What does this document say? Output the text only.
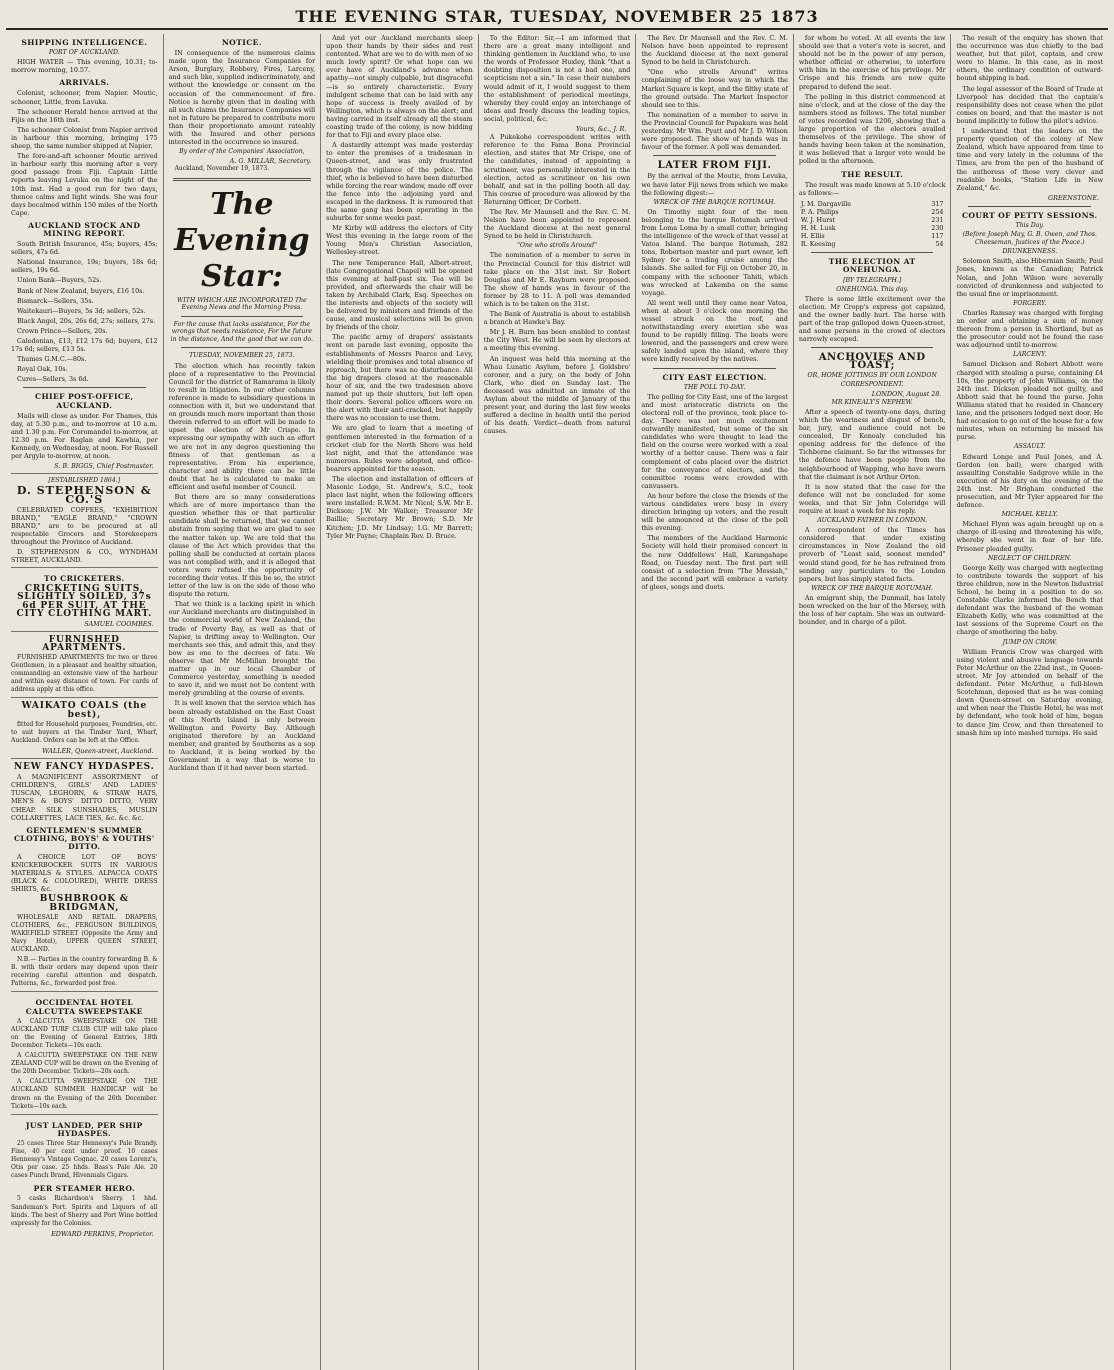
THE EVENING STAR, TUESDAY, NOVEMBER 25 1873
SHIPPING INTELLIGENCE.
PORT OF AUCKLAND.
HIGH WATER — This evening, 10.31; to-morrow morning, 10.57.
ARRIVALS.
Colonist, schooner, from Napier. Moutic, schooner, Little, from Lavuka.
The schooner Herald hence arrived at the Fijis on the 16th inst.
The schooner Colonist from Napier arrived in harbour this morning, bringing 175 sheep, the same number shipped at Napier.
The fore-and-aft schooner Moutic arrived in harbour early this morning after a very good passage from Fiji. Captain Little reports leaving Levuka on the night of the 10th inst. Had a good run for two days, thence calms and light winds. She was four days becalmed within 150 miles of the North Cape.
AUCKLAND STOCK AND MINING REPORT.
South British Insurance, 45s; buyers, 45s; sellers, 47s 6d.
National Insurance, 19s; buyers, 18s 6d; sellers, 19s 6d.
Union Bank—Buyers, 52s.
Bank of New Zealand, buyers, £16 10s.
Bismarck—Sellers, 35s.
Waitekauri—Buyers, 5s 3d; sellers, 52s.
Black Angel, 20s, 26s 6d, 27s; sellers, 27s.
Crown Prince—Sellers, 20s.
Caledonian, £13, £12 17s 6d; buyers, £12 17s 6d; sellers, £13 5s.
Thames G.M.C.—80s.
Royal Oak, 10s.
Cures—Sellers, 3s 6d.
CHIEF POST-OFFICE, AUCKLAND.
Mails will close as under. For Thames, this day, at 5.30 p.m., and to-morrow at 10 a.m. and 1.30 p.m. For Coromandel to-morrow, at 12.30 p.m. For Raglan and Kawhia, per Kennedy, on Wednesday, at noon. For Russell per Argyle to-morrow, at noon.
S. B. BIGGS, Chief Postmaster.
[ESTABLISHED 1864.]
D. STEPHENSON & CO.'S
CELEBRATED COFFEES, "EXHIBITION BRAND," "EAGLE BRAND," "CROWN BRAND," are to be procured at all respectable Grocers and Storekeepers throughout the Province of Auckland.
D. STEPHENSON & CO., WYNDHAM STREET, AUCKLAND.
TO CRICKETERS.
CRICKETING SUITS, SLIGHTLY SOILED, 37s 6d PER SUIT, AT THE CITY CLOTHING MART.
SAMUEL COOMBES.
FURNISHED APARTMENTS.
FURNISHED APARTMENTS for two or three Gentlemen, in a pleasant and healthy situation, commanding an extensive view of the harbour and within easy distance of town. For cards of address apply at this office.
WAIKATO COALS (the best),
fitted for Household purposes, Foundries, etc. to suit buyers at the Timber Yard, Wharf, Auckland. Orders can be left at the Office.
WALLER, Queen-street, Auckland.
NEW FANCY HYDASPES.
A MAGNIFICENT ASSORTMENT of CHILDREN'S, GIRLS' AND LADIES' TUSCAN, LEGHORN, & STRAW HATS, MEN'S & BOYS' DITTO DITTO, VERY CHEAP. SILK SUNSHADES, MUSLIN COLLARETTES, LACE TIES, &c. &c. &c.
GENTLEMEN'S SUMMER CLOTHING, BOYS' & YOUTHS' DITTO.
A CHOICE LOT OF BOYS' KNICKERBOCKER SUITS IN VARIOUS MATERIALS & STYLES. ALPACCA COATS (BLACK & COLOURED), WHITE DRESS SHIRTS, &c.
BUSHBROOK & BRIDGMAN,
WHOLESALE AND RETAIL DRAPERS, CLOTHIERS, &c., FERGUSON BUILDINGS, WAKEFIELD STREET (Opposite the Army and Navy Hotel), UPPER QUEEN STREET, AUCKLAND.
N.B.— Parties in the country forwarding B. & B. with their orders may depend upon their receiving careful attention and despatch. Patterns, &c., forwarded post free.
OCCIDENTAL HOTEL CALCUTTA SWEEPSTAKE
A CALCUTTA SWEEPSTAKE ON THE AUCKLAND TURF CLUB CUP will take place on the Evening of General Entries, 18th December. Tickets—10s each.
A CALCUTTA SWEEPSTAKE ON THE NEW ZEALAND CUP will be drawn on the Evening of the 20th December. Tickets—20s each.
A CALCUTTA SWEEPSTAKE ON THE AUCKLAND SUMMER HANDICAP will be drawn on the Evening of the 26th December. Tickets—10s each.
JUST LANDED, PER SHIP HYDASPES.
25 cases Three Star Hennessy's Pale Brandy. Fine, 40 per cent under proof. 10 cases Hennessy's Vintage Cognac. 20 cases Lorenz's, Otis per case. 25 hhds. Bass's Pale Ale. 20 cases Punch Brand, Hivenmals Cigars.
PER STEAMER HERO.
5 casks Richardson's Sherry. 1 hhd. Sandeman's Port. Spirits and Liquors of all kinds. The best of Sherry and Port Wine bottled expressly for the Colonies.
EDWARD PERKINS, Proprietor.
NOTICE.
IN consequence of the numerous claims made upon the Insurance Companies for Arson, Burglary, Robbery, Fires, Larceny, and such like, supplied indiscriminately, and without the knowledge or consent on the occasion of the commencement of fire. Notice is hereby given that in dealing with all such claims the Insurance Companies will not in future be prepared to contribute more than their proportionate amount rateably with the Insured and other persons interested in the occurrence so insured.
By order of the Companies' Association,
A. G. MILLAR, Secretary.
Auckland, November 19, 1873.
The Evening Star:
WITH WHICH ARE INCORPORATED The Evening News and the Morning Press.
For the cause that lacks assistance, For the wrongs that needs resistance, For the future in the distance, And the good that we can do.
TUESDAY, NOVEMBER 25, 1873.
The election which has recently taken place of a representative to the Provincial Council for the district of Ramarama is likely to result in litigation. In our other columns reference is made to subsidiary questions in connection with it, but we understand that on grounds much more important than those therein referred to an effort will be made to upset the election of Mr Crispe. In expressing our sympathy with such an effort we are not in any degree questioning the fitness of that gentleman as a representative. From his experience, character and ability there can be little doubt that he is calculated to make an efficient and useful member of Council.
But there are so many considerations which are of more importance than the question whether this or that particular candidate shall be returned, that we cannot abstain from saying that we are glad to see the matter taken up. We are told that the clause of the Act which provides that the polling shall be conducted at certain places was not complied with, and it is alleged that voters were refused the opportunity of recording their votes. If this be so, the strict letter of the law is on the side of those who dispute the return.
That we think is a lacking spirit in which our Auckland merchants are distinguished in the commercial world of New Zealand, the trade of Poverty Bay, as well as that of Napier, is drifting away to Wellington. Our merchants see this, and admit this, and they bow as one to the decrees of fate. We observe that Mr McMillan brought the matter up in our local Chamber of Commerce yesterday, something is needed to save it, and we must not be content with merely grumbling at the course of events.
It is well known that the service which has been already established on the East Coast of this North Island is only between Wellington and Poverty Bay. Although originated therefore by an Auckland member, and granted by Southerns as a sop to Auckland, it is being worked by the Government in a way that is worse to Auckland than if it had never been started.
And yet our Auckland merchants sleep upon their hands by their sides and rest contented. What are we to do with men of so much lowly spirit? Or what hope can we ever have of Auckland's advance when apathy—not simply culpable, but disgraceful—is so entirely characteristic. Every indulgent scheme that can be laid with any hope of success is freely availed of by Wellington, which is always on the alert; and having carried in itself already all the steam coasting trade of the colony, is now bidding for that to Fiji and every place else.
A dastardly attempt was made yesterday to enter the premises of a tradesman in Queen-street, and was only frustrated through the vigilance of the police. The thief, who is believed to have been disturbed while forcing the rear window, made off over the fence into the adjoining yard and escaped in the darkness. It is rumoured that the same gang has been operating in the suburbs for some weeks past.
Mr Kirby will address the electors of City West this evening in the large room of the Young Men's Christian Association, Wellesley-street.
The new Temperance Hall, Albert-street, (late Congregational Chapel) will be opened this evening at half-past six. Tea will be provided, and afterwards the chair will be taken by Archibald Clark, Esq. Speeches on the interests and objects of the society will be delivered by ministers and friends of the cause, and musical selections will be given by friends of the choir.
The pacific army of drapers' assistants went on parade last evening, opposite the establishments of Messrs Pearce and Levy, wielding their promises and total absence of reproach, but there was no disturbance. All the big drapers closed at the reasonable hour of six, and the two tradesmen above named put up their shutters, but left open their doors. Several police officers were on the alert with their anti-cracked, but happily there was no occasion to use them.
We are glad to learn that a meeting of gentlemen interested in the formation of a cricket club for the North Shore was held last night, and that the attendance was numerous. Rules were adopted, and office-bearers appointed for the season.
The election and installation of officers of Masonic Lodge, St. Andrew's, S.C., took place last night, when the following officers were installed: R.W.M. Mr Nicol; S.W. Mr E. Dickson; J.W. Mr Walker; Treasurer Mr Baillie; Secretary Mr Brown; S.D. Mr Kitchen; J.D. Mr Lindsay; I.G. Mr Barrett; Tyler Mr Payne; Chaplain Rev. D. Bruce.
To the Editor: Sir,—I am informed that there are a great many intelligent and thinking gentlemen in Auckland who, to use the words of Professor Huxley, think "that a doubting disposition is not a bad one, and scepticism not a sin." In case their numbers would admit of it, I would suggest to them the establishment of periodical meetings, whereby they could enjoy an interchange of ideas and freely discuss the leading topics, social, political, &c.
Yours, &c., J. R.
A Pukekohe correspondent writes with reference to the Fama Bona Provincial election, and states that Mr Crispe, one of the candidates, instead of appointing a scrutineer, was personally interested in the election, acted as scrutineer on his own behalf, and sat in the polling booth all day. This course of procedure was allowed by the Returning Officer, Dr Corbett.
The Rev. Mr Maunsell and the Rev. C. M. Nelson have been appointed to represent the Auckland diocese at the next general Synod to be held in Christchurch.
"One who strolls Around"
The nomination of a member to serve in the Provincial Council for this district will take place on the 31st inst. Sir Robert Douglas and Mr E. Rayburn were proposed. The show of hands was in favour of the former by 28 to 11. A poll was demanded which is to be taken on the 31st.
The Bank of Australia is about to establish a branch at Hawke's Bay.
Mr J. H. Burn has been enabled to contest the City West. He will be seen by electors at a meeting this evening.
An inquest was held this morning at the Whau Lunatic Asylum, before J. Goldsbro' coroner, and a jury, on the body of John Clark, who died on Sunday last. The deceased was admitted an inmate of the Asylum about the middle of January of the present year, and during the last few weeks suffered a decline in health until the period of his death. Verdict—death from natural causes.
The Rev. Dr Maunsell and the Rev. C. M. Nelson have been appointed to represent the Auckland diocese at the next general Synod to be held in Christchurch.
"One who strolls Around" writes complaining of the loose way in which the Market Square is kept, and the filthy state of the ground outside. The Market Inspector should see to this.
The nomination of a member to serve in the Provincial Council for Papakura was held yesterday. Mr Wm. Pyatt and Mr J. D. Wilson were proposed. The show of hands was in favour of the former. A poll was demanded.
LATER FROM FIJI.
By the arrival of the Moutic, from Levuka, we have later Fiji news from which we make the following digest:—
WRECK OF THE BARQUE ROTUMAH.
On Timothy night four of the men belonging to the barque Rotumah arrived from Loma Loma by a small cutter, bringing the intelligence of the wreck of that vessel at Vatoa Island. The barque Rotumah, 282 tons, Robertson master and part owner, left Sydney for a trading cruise among the Islands. She sailed for Fiji on October 20, in company with the schooner Tahiti, which was wrecked at Lakemba on the same voyage.
All went well until they came near Vatoa, when at about 3 o'clock one morning the vessel struck on the reef, and notwithstanding every exertion she was found to be rapidly filling. The boats were lowered, and the passengers and crew were safely landed upon the island, where they were kindly received by the natives.
CITY EAST ELECTION.
THE POLL TO-DAY.
The polling for City East, one of the largest and most aristocratic districts on the electoral roll of the province, took place to-day. There was not much excitement outwardly manifested, but some of the six candidates who were thought to lead the field on the course were worked with a zeal worthy of a better cause. There was a fair complement of cabs placed over the district for the conveyance of electors, and the committee rooms were crowded with canvassers.
An hour before the close the friends of the various candidates were busy in every direction bringing up voters, and the result will be announced at the close of the poll this evening.
The members of the Auckland Harmonic Society will hold their promised concert in the new Oddfellows' Hall, Karangahape Road, on Tuesday next. The first part will consist of a selection from "The Messiah," and the second part will embrace a variety of glees, songs and duets.
for whom he voted. At all events the law should see that a voter's vote is secret, and should not be in the power of any person, whether official or otherwise, to interfere with him in the exercise of his privilege. Mr Crispe and his friends are now quite prepared to defend the seat.
The polling in this district commenced at nine o'clock, and at the close of the day the numbers stood as follows. The total number of votes recorded was 1206, showing that a large proportion of the electors availed themselves of the privilege. The show of hands having been taken at the nomination, it was believed that a larger vote would be polled in the afternoon.
THE RESULT.
The result was made known at 5.10 o'clock as follows:—
J. M. Dargaville	317
P. A. Philips	254
W. J. Hurst	231
H. H. Lusk	230
H. Ellis	117
R. Keesing	54
THE ELECTION AT ONEHUNGA.
[BY TELEGRAPH.]
ONEHUNGA. This day.
There is some little excitement over the election. Mr Cropp's express got capsized, and the owner badly hurt. The horse with part of the trap galloped down Queen-street, and some persons in the crowd of electors narrowly escaped.
ANCHOVIES AND TOAST;
OR, HOME JOTTINGS BY OUR LONDON CORRESPONDENT.
LONDON, August 28.
MR KINEALY'S NEPHEW.
After a speech of twenty-one days, during which the weariness and disgust of bench, bar, jury, and audience could not be concealed, Dr Kenealy concluded his opening address for the defence of the Tichborne claimant. So far the witnesses for the defence have been people from the neighbourhood of Wapping, who have sworn that the claimant is not Arthur Orton.
It is now stated that the case for the defence will not be concluded for some weeks, and that Sir John Coleridge will require at least a week for his reply.
AUCKLAND FATHER IN LONDON.
A correspondent of the Times has considered that under existing circumstances in New Zealand the old proverb of "Least said, soonest mended" would stand good, for he has refrained from sending any particulars to the London papers, but has simply stated facts.
WRECK OF THE BARQUE ROTUMAH.
An emigrant ship, the Dunmail, has lately been wrecked on the bar of the Mersey, with the loss of her captain. She was an outward-bounder, and in charge of a pilot.
The result of the enquiry has shown that the occurrence was due chiefly to the bad weather, but that pilot, captain, and crew were to blame. In this case, as in most others, the ordinary condition of outward-bound shipping is bad.
The legal assessor of the Board of Trade at Liverpool has decided that the captain's responsibility does not cease when the pilot comes on board, and that the master is not bound implicitly to follow the pilot's advice.
I understand that the leaders on the property question of the colony of New Zealand, which have appeared from time to time and very lately in the columns of the Times, are from the pen of the husband of the authoress of those very clever and readable books, "Station Life in New Zealand," &c.
GREENSTONE.
COURT OF PETTY SESSIONS.
This Day.
(Before Joseph May, G. B. Owen, and Thos. Cheeseman, Justices of the Peace.)
DRUNKENNESS.
Solomon Smith, also Hibernian Smith; Paul Jones, known as the Canadian; Patrick Nolan, and John Wilson were severally convicted of drunkenness and subjected to the usual fine or imprisonment.
FORGERY.
Charles Ramsay was charged with forging an order and obtaining a sum of money thereon from a person in Shortland, but as the prosecutor could not be found the case was adjourned until to-morrow.
LARCENY.
Samuel Dickson and Robert Abbott were charged with stealing a purse, containing £4 10s, the property of John Williams, on the 24th inst. Dickson pleaded not guilty, and Abbott said that he found the purse. John Williams stated that he resided in Chancery lane, and the prisoners lodged next door. He had occasion to go out of the house for a few minutes, when on returning he missed his purse.
ASSAULT.
Edward Longe and Paul Jones, and A. Gordon (on bail), were charged with assaulting Constable Sadgrove while in the execution of his duty on the evening of the 24th inst. Mr Brigham conducted the prosecution, and Mr Tyler appeared for the defence.
MICHAEL KELLY.
Michael Flynn was again brought up on a charge of ill-using and threatening his wife, whereby she went in fear of her life. Prisoner pleaded guilty.
NEGLECT OF CHILDREN.
George Kelly was charged with neglecting to contribute towards the support of his three children, now in the Newton Industrial School, he being in a position to do so. Constable Clarke informed the Bench that defendant was the husband of the woman Elizabeth Kelly, who was committed at the last sessions of the Supreme Court on the charge of smothering the baby.
JUMP ON CROW.
William Francis Crow was charged with using violent and abusive language towards Peter McArthur on the 22nd inst., in Queen-street. Mr Joy attended on behalf of the defendant. Peter McArthur, a full-blown Scotchman, deposed that as he was coming down Queen-street on Saturday evening, and when near the Thistle Hotel, he was met by defendant, who took hold of him, began to dance Jim Crow, and then threatened to smash him up into mashed turnips. He said
